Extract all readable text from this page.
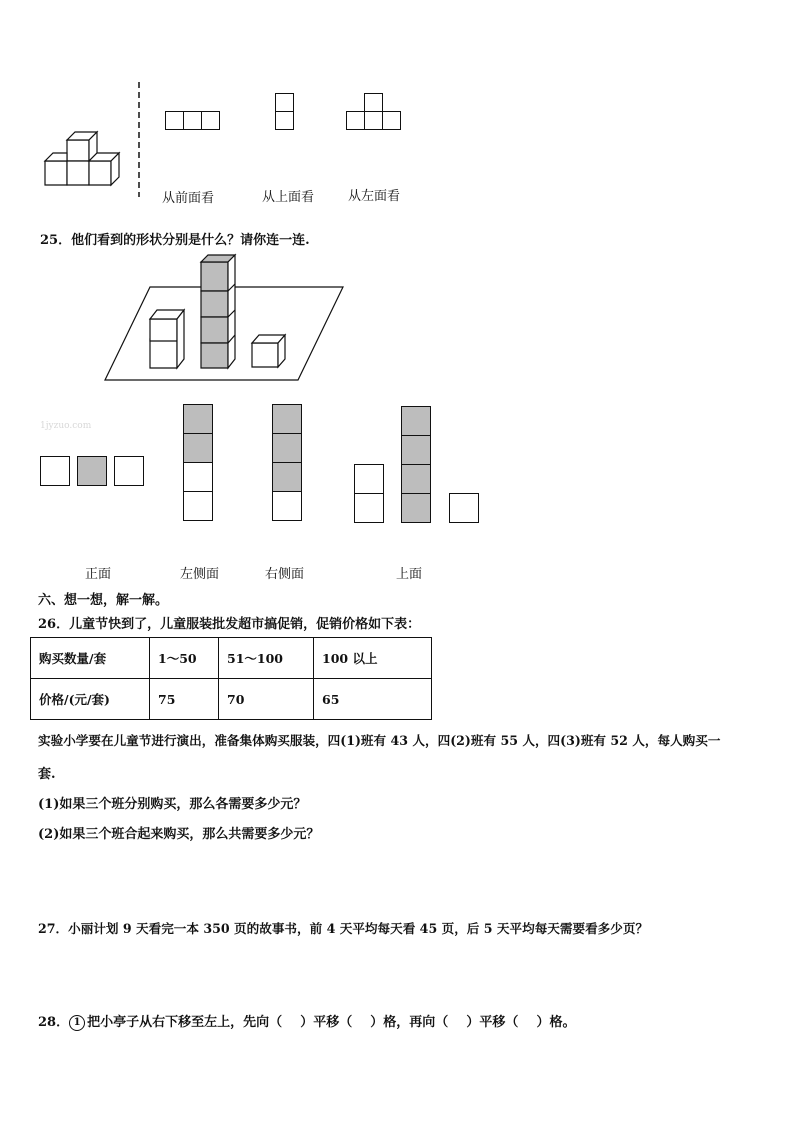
从前面看	从上面看	从左面看
25．他们看到的形状分别是什么？请你连一连.
1jyzuo.com
正面	左侧面	右侧面	上面
六、想一想，解一解。
26．儿童节快到了，儿童服装批发超市搞促销，促销价格如下表：
购买数量/套	1～50	51～100	100 以上
价格/(元/套)	75	70	65
实验小学要在儿童节进行演出，准备集体购买服装，四(1)班有 43 人，四(2)班有 55 人，四(3)班有 52 人，每人购买一
套.
(1)如果三个班分别购买，那么各需要多少元？
(2)如果三个班合起来购买，那么共需要多少元？
27．小丽计划 9 天看完一本 350 页的故事书，前 4 天平均每天看 45 页，后 5 天平均每天需要看多少页？
28． 1 把小亭子从右下移至左上，先向（    ）平移（    ）格，再向（    ）平移（    ）格。
